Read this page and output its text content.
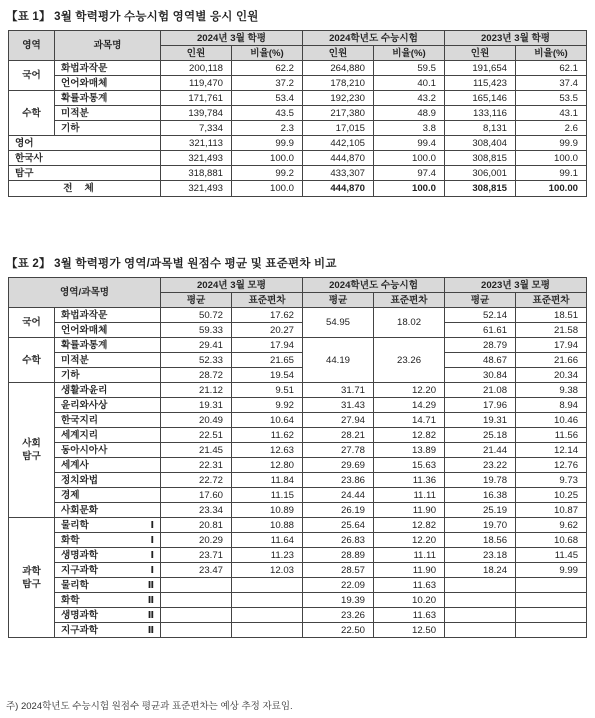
【표 1】 3월 학력평가 수능시험 영역별 응시 인원
영역	과목명	2024년 3월 학평		2024학년도 수능시험		2023년 3월 학평	
		인원	비율(%)	인원	비율(%)	인원	비율(%)
국어	화법과작문	200,118	62.2	264,880	59.5	191,654	62.1
	언어와매체	119,470	37.2	178,210	40.1	115,423	37.4
수학	확률과통계	171,761	53.4	192,230	43.2	165,146	53.5
	미적분	139,784	43.5	217,380	48.9	133,116	43.1
	기하	7,334	2.3	17,015	3.8	8,131	2.6
영어		321,113	99.9	442,105	99.4	308,404	99.9
한국사		321,493	100.0	444,870	100.0	308,815	100.0
탐구		318,881	99.2	433,307	97.4	306,001	99.1
전체		321,493	100.0	444,870	100.0	308,815	100.00
【표 2】 3월 학력평가 영역/과목별 원점수 평균 및 표준편차 비교
영역/과목명		2024년 3월 모평		2024학년도 수능시험		2023년 3월 모평	
		평균	표준편차	평균	표준편차	평균	표준편차
국어	화법과작문	50.72	17.62	54.95	18.02	52.14	18.51
	언어와매체	59.33	20.27			61.61	21.58
수학	확률과통계	29.41	17.94	44.19	23.26	28.79	17.94
	미적분	52.33	21.65			48.67	21.66
	기하	28.72	19.54			30.84	20.34
사회
탐구	생활과윤리	21.12	9.51	31.71	12.20	21.08	9.38
	윤리와사상	19.31	9.92	31.43	14.29	17.96	8.94
	한국지리	20.49	10.64	27.94	14.71	19.31	10.46
	세계지리	22.51	11.62	28.21	12.82	25.18	11.56
	동아시아사	21.45	12.63	27.78	13.89	21.44	12.14
	세계사	22.31	12.80	29.69	15.63	23.22	12.76
	정치와법	22.72	11.84	23.86	11.36	19.78	9.73
	경제	17.60	11.15	24.44	11.11	16.38	10.25
	사회문화	23.34	10.89	26.19	11.90	25.19	10.87
과학
탐구	물리학Ⅰ	20.81	10.88	25.64	12.82	19.70	9.62
	화학Ⅰ	20.29	11.64	26.83	12.20	18.56	10.68
	생명과학Ⅰ	23.71	11.23	28.89	11.11	23.18	11.45
	지구과학Ⅰ	23.47	12.03	28.57	11.90	18.24	9.99
	물리학Ⅱ			22.09	11.63		
	화학Ⅱ			19.39	10.20		
	생명과학Ⅱ			23.26	11.63		
	지구과학Ⅱ			22.50	12.50		
주) 2024학년도 수능시험 원점수 평균과 표준편차는 예상 추정 자료임.
